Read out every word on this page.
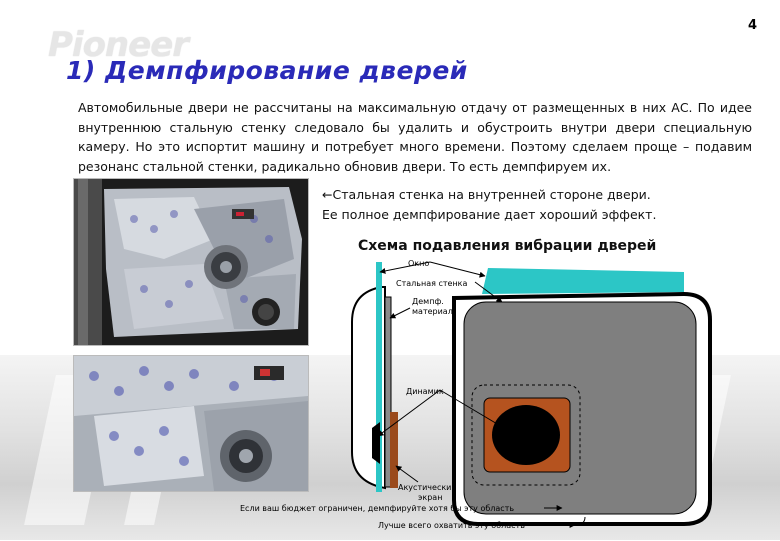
Pioneer	4
1) Демпфирование дверей
Автомобильные двери не рассчитаны на максимальную отдачу от размещенных в них АС. По идее внутреннюю стальную стенку следовало бы удалить и обустроить внутри двери специальную камеру. Но это испортит машину и потребует много времени. Поэтому сделаем проще – подавим резонанс стальной стенки, радикально обновив двери. То есть демпфируем их.
←Стальная стенка на внутренней стороне двери.
Ее полное демпфирование дает хороший эффект.
Схема подавления вибрации дверей
Окно
Стальная стенка
Демпф.
материал
Динамик
Акустический
экран
Если ваш бюджет ограничен, демпфируйте хотя бы эту область
Лучше всего охватить эту область
